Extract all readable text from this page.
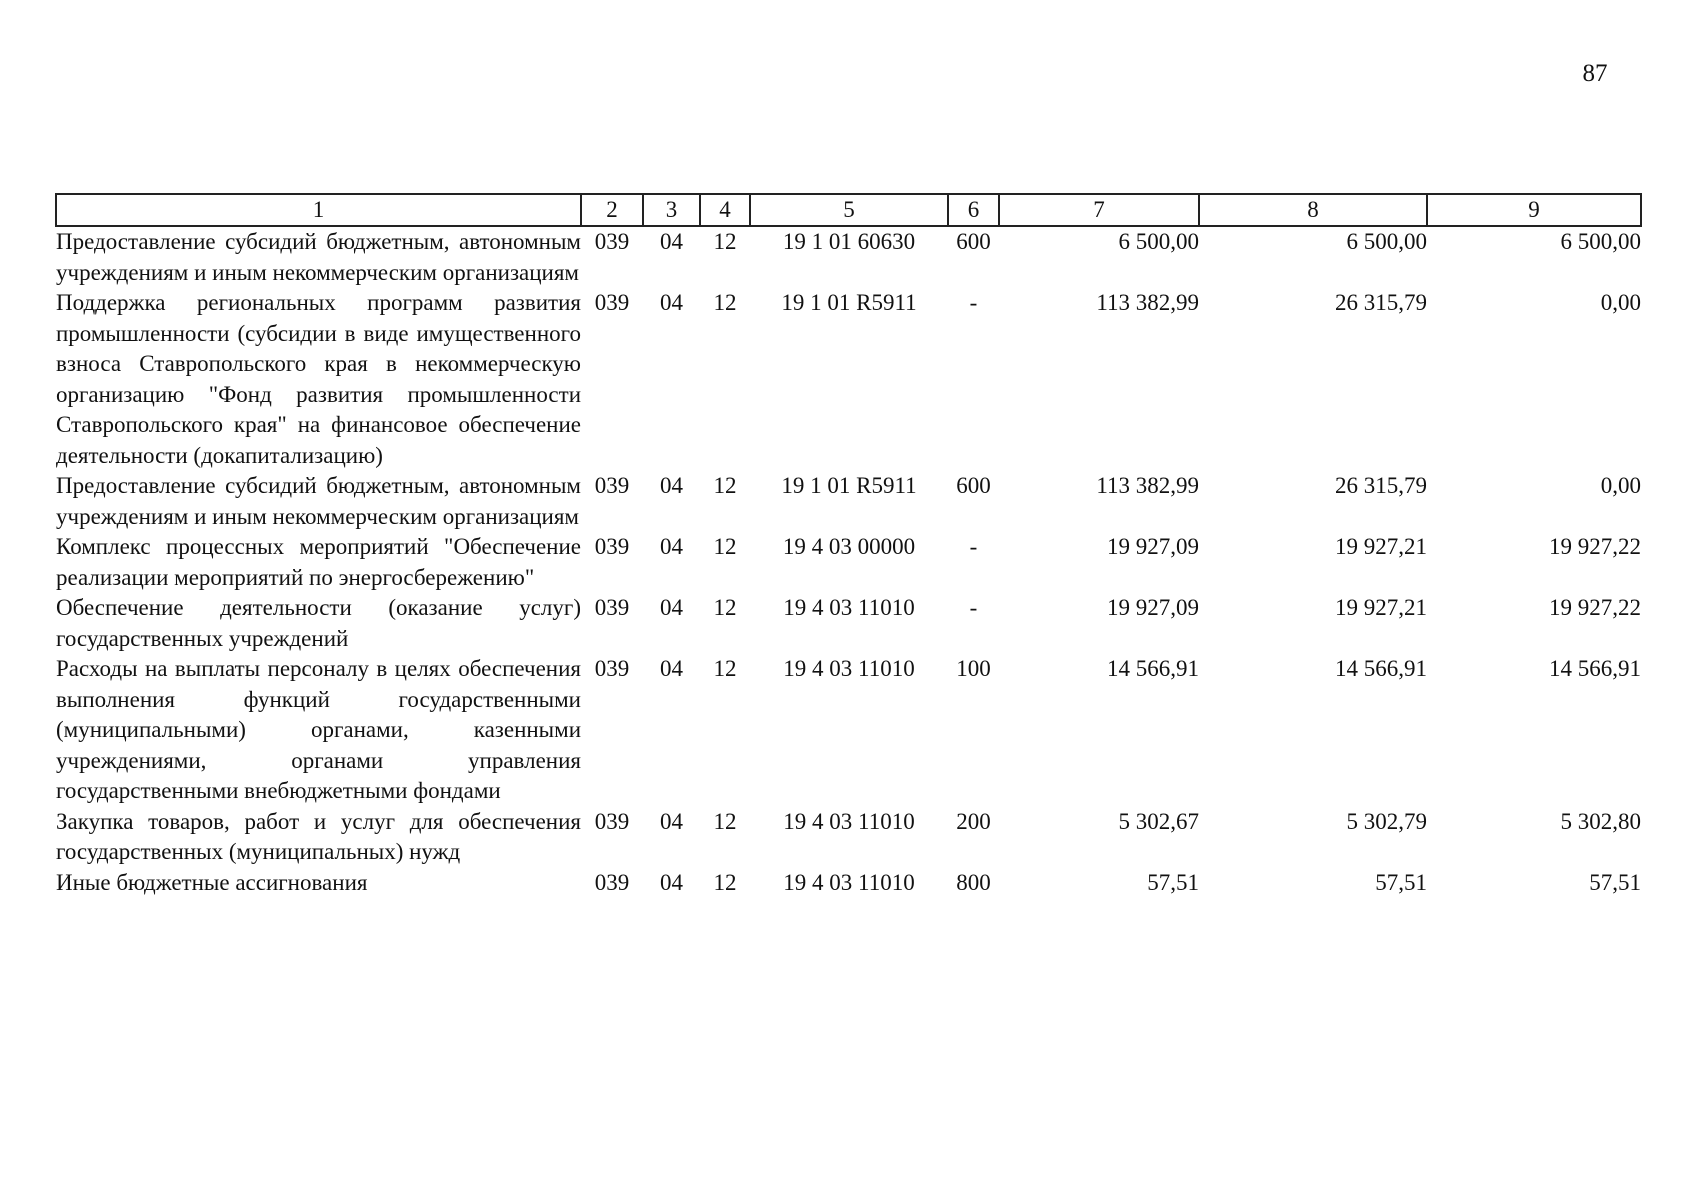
87
1	2	3	4	5	6	7	8	9
Предоставление субсидий бюджетным, автономным учреждениям и иным некоммерческим организациям	039	04	12	19 1 01 60630	600	6 500,00	6 500,00	6 500,00
Поддержка региональных программ развития промышленности (субсидии в виде имущественного взноса Ставропольского края в некоммерческую организацию "Фонд развития промышленности Ставропольского края" на финансовое обеспечение деятельности (докапитализацию)	039	04	12	19 1 01 R5911	-	113 382,99	26 315,79	0,00
Предоставление субсидий бюджетным, автономным учреждениям и иным некоммерческим организациям	039	04	12	19 1 01 R5911	600	113 382,99	26 315,79	0,00
Комплекс процессных мероприятий "Обеспечение реализации мероприятий по энергосбережению"	039	04	12	19 4 03 00000	-	19 927,09	19 927,21	19 927,22
Обеспечение деятельности (оказание услуг) государственных учреждений	039	04	12	19 4 03 11010	-	19 927,09	19 927,21	19 927,22
Расходы на выплаты персоналу в целях обеспечения выполнения функций государственными (муниципальными) органами, казенными учреждениями, органами управления государственными внебюджетными фондами	039	04	12	19 4 03 11010	100	14 566,91	14 566,91	14 566,91
Закупка товаров, работ и услуг для обеспечения государственных (муниципальных) нужд	039	04	12	19 4 03 11010	200	5 302,67	5 302,79	5 302,80
Иные бюджетные ассигнования	039	04	12	19 4 03 11010	800	57,51	57,51	57,51
